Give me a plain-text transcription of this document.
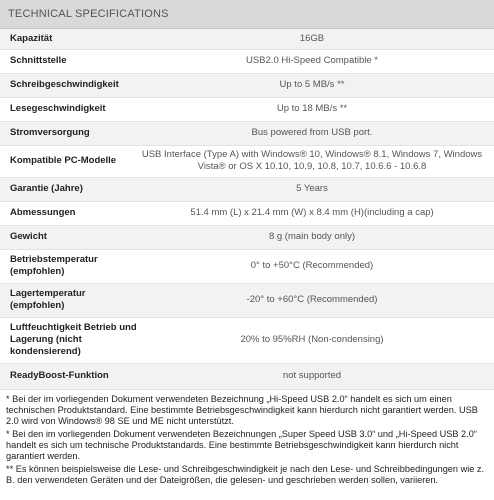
TECHNICAL SPECIFICATIONS
Kapazität	16GB
Schnittstelle	USB2.0 Hi-Speed Compatible *
Schreibgeschwindigkeit	Up to 5 MB/s **
Lesegeschwindigkeit	Up to 18 MB/s **
Stromversorgung	Bus powered from USB port.
Kompatible PC-Modelle	USB Interface (Type A) with Windows® 10, Windows® 8.1, Windows 7, Windows Vista® or OS X 10.10, 10.9, 10.8, 10.7, 10.6.6 - 10.6.8
Garantie (Jahre)	5 Years
Abmessungen	51.4 mm (L) x 21.4 mm (W) x 8.4 mm (H)(including a cap)
Gewicht	8 g (main body only)
Betriebstemperatur (empfohlen)	0° to +50°C (Recommended)
Lagertemperatur (empfohlen)	-20° to +60°C (Recommended)
Luftfeuchtigkeit Betrieb und Lagerung (nicht kondensierend)	20% to 95%RH (Non-condensing)
ReadyBoost-Funktion	not supported

* Bei der im vorliegenden Dokument verwendeten Bezeichnung „Hi-Speed USB 2.0“ handelt es sich um einen technischen Produktstandard. Eine bestimmte Betriebsgeschwindigkeit kann hierdurch nicht garantiert werden. USB 2.0 wird von Windows® 98 SE und ME nicht unterstützt.

* Bei den im vorliegenden Dokument verwendeten Bezeichnungen „Super Speed USB 3.0“ und „Hi-Speed USB 2.0“ handelt es sich um technische Produktstandards. Eine bestimmte Betriebsgeschwindigkeit kann hierdurch nicht garantiert werden.

** Es können beispielsweise die Lese- und Schreibgeschwindigkeit je nach den Lese- und Schreibbedingungen wie z. B. den verwendeten Geräten und der Dateigrößen, die gelesen- und geschrieben werden sollen, variieren.
